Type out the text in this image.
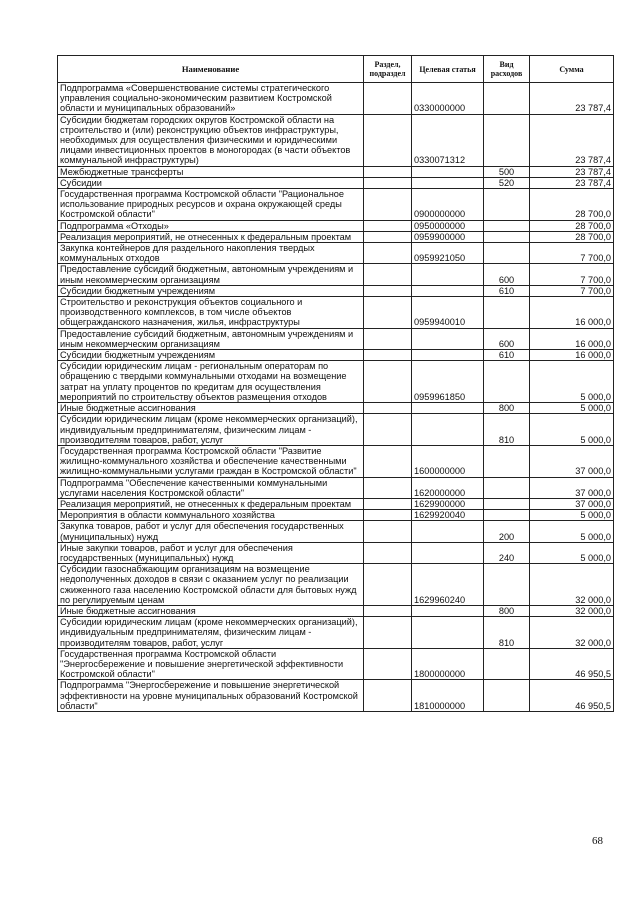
Наименование	Раздел, подраздел	Целевая статья	Вид расходов	Сумма
Подпрограмма «Совершенствование системы стратегического управления социально-экономическим развитием Костромской области и муниципальных образований»		0330000000		23 787,4
Субсидии бюджетам городских округов Костромской области на строительство и (или) реконструкцию объектов инфраструктуры, необходимых для осуществления физическими и юридическими лицами инвестиционных проектов в моногородах (в части объектов коммунальной инфраструктуры)		0330071312		23 787,4
Межбюджетные трансферты			500	23 787,4
Субсидии			520	23 787,4
Государственная программа Костромской области "Рациональное использование природных ресурсов и охрана окружающей среды Костромской области"		0900000000		28 700,0
Подпрограмма «Отходы»		0950000000		28 700,0
Реализация мероприятий, не отнесенных к федеральным проектам		0959900000		28 700,0
Закупка контейнеров для раздельного накопления твердых коммунальных отходов		0959921050		7 700,0
Предоставление субсидий бюджетным, автономным учреждениям и иным некоммерческим организациям			600	7 700,0
Субсидии бюджетным учреждениям			610	7 700,0
Строительство и реконструкция объектов социального и производственного комплексов, в том числе объектов общегражданского назначения, жилья, инфраструктуры		0959940010		16 000,0
Предоставление субсидий бюджетным, автономным учреждениям и иным некоммерческим организациям			600	16 000,0
Субсидии бюджетным учреждениям			610	16 000,0
Субсидии юридическим лицам - региональным операторам по обращению с твердыми коммунальными отходами на возмещение затрат на уплату процентов по кредитам для осуществления мероприятий по строительству объектов размещения отходов		0959961850		5 000,0
Иные бюджетные ассигнования			800	5 000,0
Субсидии юридическим лицам (кроме некоммерческих организаций), индивидуальным предпринимателям, физическим лицам - производителям товаров, работ, услуг			810	5 000,0
Государственная программа Костромской области "Развитие жилищно-коммунального хозяйства и обеспечение качественными жилищно-коммунальными услугами граждан в Костромской области"		1600000000		37 000,0
Подпрограмма "Обеспечение качественными коммунальными услугами населения Костромской области"		1620000000		37 000,0
Реализация мероприятий, не отнесенных к федеральным проектам		1629900000		37 000,0
Мероприятия в области коммунального хозяйства		1629920040		5 000,0
Закупка товаров, работ и услуг для обеспечения государственных (муниципальных) нужд			200	5 000,0
Иные закупки товаров, работ и услуг для обеспечения государственных (муниципальных) нужд			240	5 000,0
Субсидии газоснабжающим организациям на возмещение недополученных доходов в связи с оказанием услуг по реализации сжиженного газа населению Костромской области для бытовых нужд по регулируемым ценам		1629960240		32 000,0
Иные бюджетные ассигнования			800	32 000,0
Субсидии юридическим лицам (кроме некоммерческих организаций), индивидуальным предпринимателям, физическим лицам - производителям товаров, работ, услуг			810	32 000,0
Государственная программа Костромской области "Энергосбережение и повышение энергетической эффективности Костромской области"		1800000000		46 950,5
Подпрограмма "Энергосбережение и повышение энергетической эффективности на уровне муниципальных образований Костромской области"		1810000000		46 950,5
68
